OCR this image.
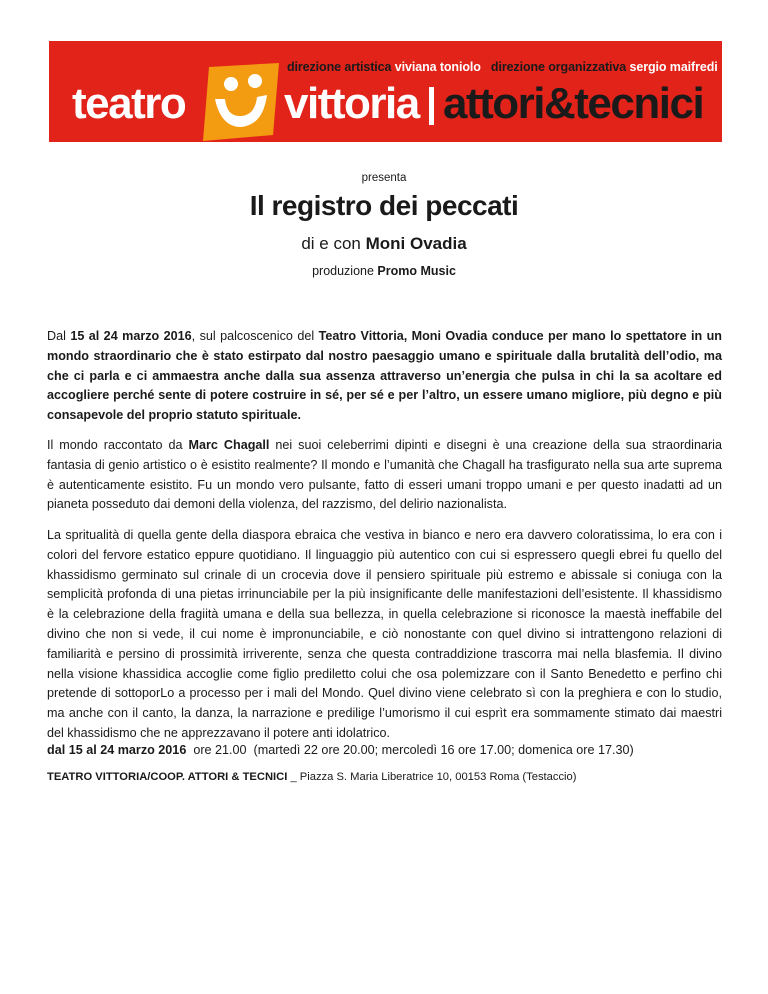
direzione artistica viviana toniolo direzione organizzativa sergio maifredi
teatro vittoria attori&tecnici
presenta
Il registro dei peccati
di e con Moni Ovadia
produzione Promo Music
Dal 15 al 24 marzo 2016, sul palcoscenico del Teatro Vittoria, Moni Ovadia conduce per mano lo spettatore in un mondo straordinario che è stato estirpato dal nostro paesaggio umano e spirituale dalla brutalità dell’odio, ma che ci parla e ci ammaestra anche dalla sua assenza attraverso un’energia che pulsa in chi la sa acoltare ed accogliere perché sente di potere costruire in sé, per sé e per l’altro, un essere umano migliore, più degno e più consapevole del proprio statuto spirituale.
Il mondo raccontato da Marc Chagall nei suoi celeberrimi dipinti e disegni è una creazione della sua straordinaria fantasia di genio artistico o è esistito realmente? Il mondo e l’umanità che Chagall ha trasfigurato nella sua arte suprema è autenticamente esistito. Fu un mondo vero pulsante, fatto di esseri umani troppo umani e per questo inadatti ad un pianeta posseduto dai demoni della violenza, del razzismo, del delirio nazionalista.
La spritualità di quella gente della diaspora ebraica che vestiva in bianco e nero era davvero coloratissima, lo era con i colori del fervore estatico eppure quotidiano. Il linguaggio più autentico con cui si espressero quegli ebrei fu quello del khassidismo germinato sul crinale di un crocevia dove il pensiero spirituale più estremo e abissale si coniuga con la semplicità profonda di una pietas irrinunciabile per la più insignificante delle manifestazioni dell’esistente. Il khassidismo è la celebrazione della fragiità umana e della sua bellezza, in quella celebrazione si riconosce la maestà ineffabile del divino che non si vede, il cui nome è impronunciabile, e ciò nonostante con quel divino si intrattengono relazioni di familiarità e persino di prossimità irriverente, senza che questa contraddizione trascorra mai nella blasfemia. Il divino nella visione khassidica accoglie come figlio prediletto colui che osa polemizzare con il Santo Benedetto e perfino chi pretende di sottoporLo a processo per i mali del Mondo. Quel divino viene celebrato sì con la preghiera e con lo studio, ma anche con il canto, la danza, la narrazione e predilige l’umorismo il cui esprìt era sommamente stimato dai maestri del khassidismo che ne apprezzavano il potere anti idolatrico.
dal 15 al 24 marzo 2016  ore 21.00  (martedì 22 ore 20.00; mercoledì 16 ore 17.00; domenica ore 17.30)
TEATRO VITTORIA/COOP. ATTORI & TECNICI _ Piazza S. Maria Liberatrice 10, 00153 Roma (Testaccio)
